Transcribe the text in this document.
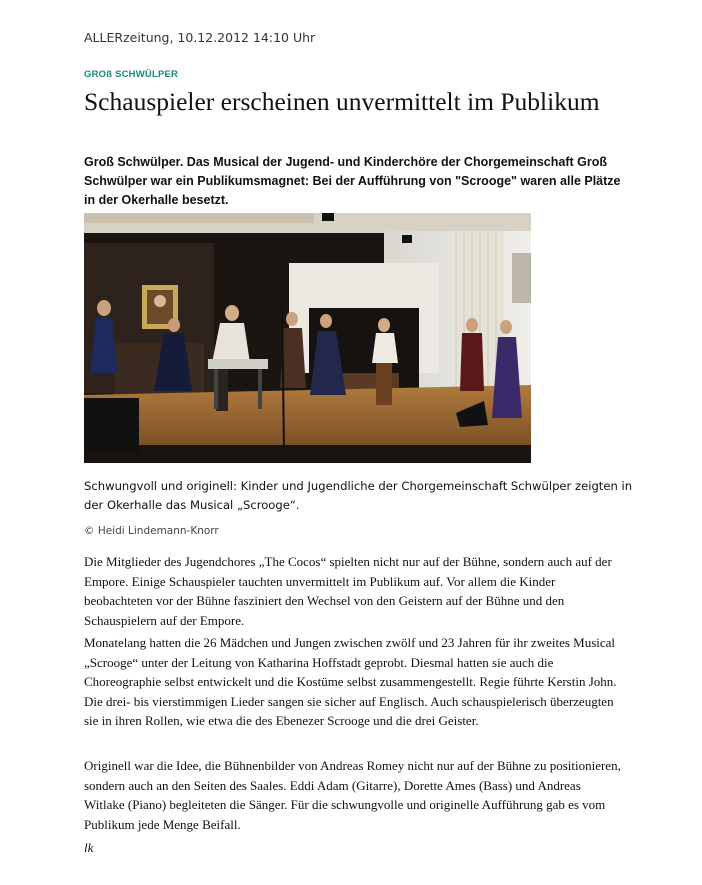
ALLERzeitung, 10.12.2012 14:10 Uhr
GROß SCHWÜLPER
Schauspieler erscheinen unvermittelt im Publikum

Groß Schwülper. Das Musical der Jugend- und Kinderchöre der Chorgemeinschaft Groß Schwülper war ein Publikumsmagnet: Bei der Aufführung von "Scrooge" waren alle Plätze in der Okerhalle besetzt.

Schwungvoll und originell: Kinder und Jugendliche der Chorgemeinschaft Schwülper zeigten in der Okerhalle das Musical „Scrooge“.

© Heidi Lindemann-Knorr

Die Mitglieder des Jugendchores „The Cocos“ spielten nicht nur auf der Bühne, sondern auch auf der Empore. Einige Schauspieler tauchten unvermittelt im Publikum auf. Vor allem die Kinder beobachteten vor der Bühne fasziniert den Wechsel von den Geistern auf der Bühne und den Schauspielern auf der Empore.

Monatelang hatten die 26 Mädchen und Jungen zwischen zwölf und 23 Jahren für ihr zweites Musical „Scrooge“ unter der Leitung von Katharina Hoffstadt geprobt. Diesmal hatten sie auch die Choreographie selbst entwickelt und die Kostüme selbst zusammengestellt. Regie führte Kerstin John. Die drei- bis vierstimmigen Lieder sangen sie sicher auf Englisch. Auch schauspielerisch überzeugten sie in ihren Rollen, wie etwa die des Ebenezer Scrooge und die drei Geister.

Originell war die Idee, die Bühnenbilder von Andreas Romey nicht nur auf der Bühne zu positionieren, sondern auch an den Seiten des Saales. Eddi Adam (Gitarre), Dorette Ames (Bass) und Andreas Witlake (Piano) begleiteten die Sänger. Für die schwungvolle und originelle Aufführung gab es vom Publikum jede Menge Beifall.

lk
